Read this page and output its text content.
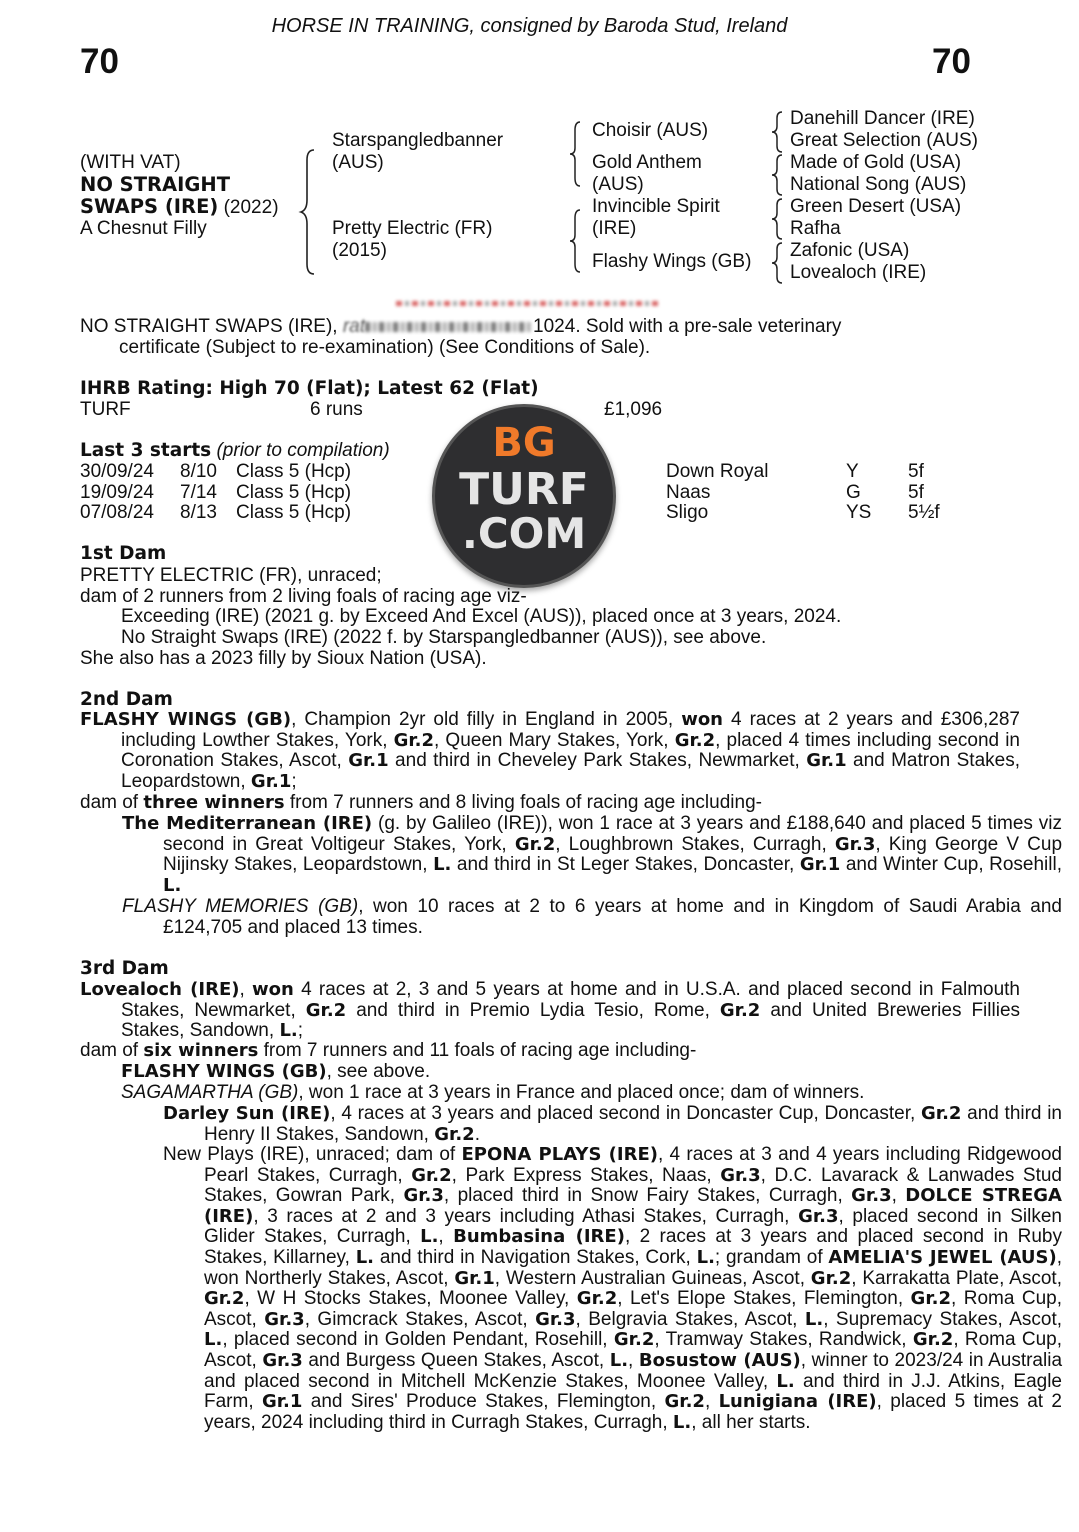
HORSE IN TRAINING, consigned by Baroda Stud, Ireland
70	70
(WITH VAT)
NO STRAIGHT
SWAPS (IRE) (2022)
A Chesnut Filly
Starspangledbanner
(AUS)
Pretty Electric (FR)
(2015)
Choisir (AUS)
Gold Anthem
(AUS)
Invincible Spirit
(IRE)
Flashy Wings (GB)
Danehill Dancer (IRE)
Great Selection (AUS)
Made of Gold (USA)
National Song (AUS)
Green Desert (USA)
Rafha
Zafonic (USA)
Lovealoch (IRE)
NO STRAIGHT SWAPS (IRE), rat	1024. Sold with a pre-sale veterinary
certificate (Subject to re-examination) (See Conditions of Sale).
IHRB Rating: High 70 (Flat); Latest 62 (Flat)
TURF	6 runs	£1,096
Last 3 starts (prior to compilation)
30/09/24 8/10 Class 5 (Hcp)	Down Royal	Y	5f
19/09/24 7/14 Class 5 (Hcp)	Naas	G 5f
07/08/24 8/13 Class 5 (Hcp)	Sligo	YS 5½f
BG
TURF
.COM
1st Dam
PRETTY ELECTRIC (FR), unraced;
dam of 2 runners from 2 living foals of racing age viz-
Exceeding (IRE) (2021 g. by Exceed And Excel (AUS)), placed once at 3 years, 2024.
No Straight Swaps (IRE) (2022 f. by Starspangledbanner (AUS)), see above.
She also has a 2023 filly by Sioux Nation (USA).
2nd Dam
FLASHY WINGS (GB), Champion 2yr old filly in England in 2005, won 4 races at 2 years and £306,287 including Lowther Stakes, York, Gr.2, Queen Mary Stakes, York, Gr.2, placed 4 times including second in Coronation Stakes, Ascot, Gr.1 and third in Cheveley Park Stakes, Newmarket, Gr.1 and Matron Stakes, Leopardstown, Gr.1;
dam of three winners from 7 runners and 8 living foals of racing age including-
The Mediterranean (IRE) (g. by Galileo (IRE)), won 1 race at 3 years and £188,640 and placed 5 times viz second in Great Voltigeur Stakes, York, Gr.2, Loughbrown Stakes, Curragh, Gr.3, King George V Cup Nijinsky Stakes, Leopardstown, L. and third in St Leger Stakes, Doncaster, Gr.1 and Winter Cup, Rosehill, L.
FLASHY MEMORIES (GB), won 10 races at 2 to 6 years at home and in Kingdom of Saudi Arabia and £124,705 and placed 13 times.
3rd Dam
Lovealoch (IRE), won 4 races at 2, 3 and 5 years at home and in U.S.A. and placed second in Falmouth Stakes, Newmarket, Gr.2 and third in Premio Lydia Tesio, Rome, Gr.2 and United Breweries Fillies Stakes, Sandown, L.;
dam of six winners from 7 runners and 11 foals of racing age including-
FLASHY WINGS (GB), see above.
SAGAMARTHA (GB), won 1 race at 3 years in France and placed once; dam of winners.
Darley Sun (IRE), 4 races at 3 years and placed second in Doncaster Cup, Doncaster, Gr.2 and third in Henry II Stakes, Sandown, Gr.2.
New Plays (IRE), unraced; dam of EPONA PLAYS (IRE), 4 races at 3 and 4 years including Ridgewood Pearl Stakes, Curragh, Gr.2, Park Express Stakes, Naas, Gr.3, D.C. Lavarack & Lanwades Stud Stakes, Gowran Park, Gr.3, placed third in Snow Fairy Stakes, Curragh, Gr.3, DOLCE STREGA (IRE), 3 races at 2 and 3 years including Athasi Stakes, Curragh, Gr.3, placed second in Silken Glider Stakes, Curragh, L., Bumbasina (IRE), 2 races at 3 years and placed second in Ruby Stakes, Killarney, L. and third in Navigation Stakes, Cork, L.; grandam of AMELIA'S JEWEL (AUS), won Northerly Stakes, Ascot, Gr.1, Western Australian Guineas, Ascot, Gr.2, Karrakatta Plate, Ascot, Gr.2, W H Stocks Stakes, Moonee Valley, Gr.2, Let's Elope Stakes, Flemington, Gr.2, Roma Cup, Ascot, Gr.3, Gimcrack Stakes, Ascot, Gr.3, Belgravia Stakes, Ascot, L., Supremacy Stakes, Ascot, L., placed second in Golden Pendant, Rosehill, Gr.2, Tramway Stakes, Randwick, Gr.2, Roma Cup, Ascot, Gr.3 and Burgess Queen Stakes, Ascot, L., Bosustow (AUS), winner to 2023/24 in Australia and placed second in Mitchell McKenzie Stakes, Moonee Valley, L. and third in J.J. Atkins, Eagle Farm, Gr.1 and Sires' Produce Stakes, Flemington, Gr.2, Lunigiana (IRE), placed 5 times at 2 years, 2024 including third in Curragh Stakes, Curragh, L., all her starts.
